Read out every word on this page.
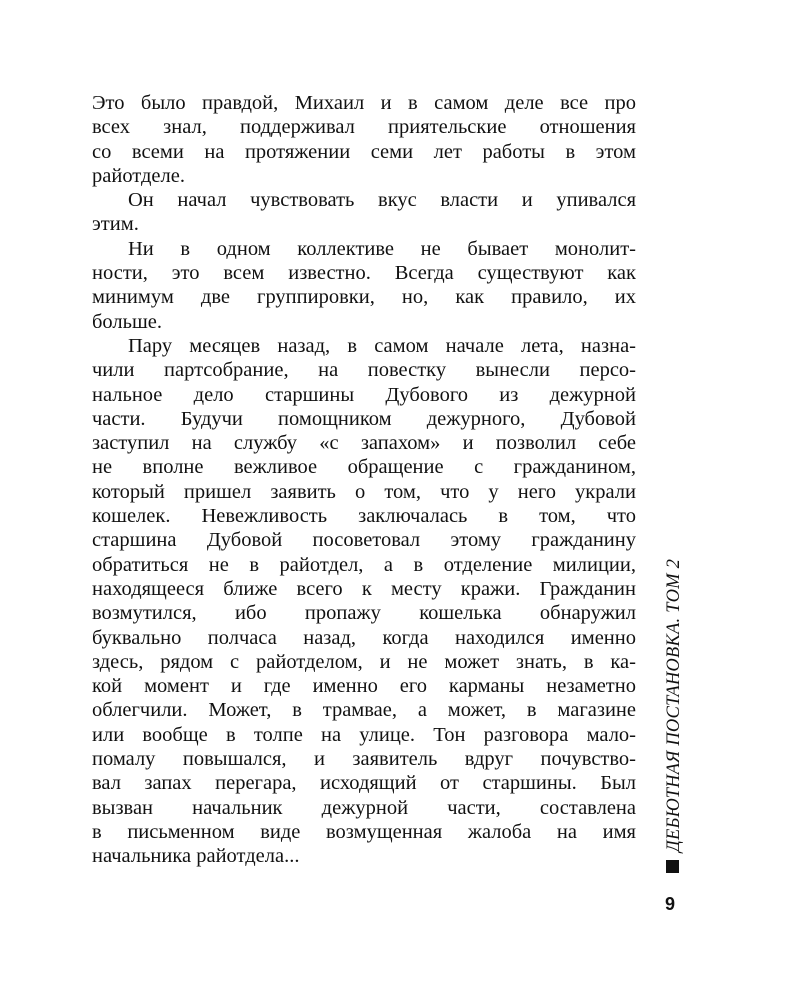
Это было правдой, Михаил и в самом деле все про
всех знал, поддерживал приятельские отношения
со всеми на протяжении семи лет работы в этом
райотделе.
Он начал чувствовать вкус власти и упивался
этим.
Ни в одном коллективе не бывает монолит-
ности, это всем известно. Всегда существуют как
минимум две группировки, но, как правило, их
больше.
Пару месяцев назад, в самом начале лета, назна-
чили партсобрание, на повестку вынесли персо-
нальное дело старшины Дубового из дежурной
части. Будучи помощником дежурного, Дубовой
заступил на службу «с запахом» и позволил себе
не вполне вежливое обращение с гражданином,
который пришел заявить о том, что у него украли
кошелек. Невежливость заключалась в том, что
старшина Дубовой посоветовал этому гражданину
обратиться не в райотдел, а в отделение милиции,
находящееся ближе всего к месту кражи. Гражданин
возмутился, ибо пропажу кошелька обнаружил
буквально полчаса назад, когда находился именно
здесь, рядом с райотделом, и не может знать, в ка-
кой момент и где именно его карманы незаметно
облегчили. Может, в трамвае, а может, в магазине
или вообще в толпе на улице. Тон разговора мало-
помалу повышался, и заявитель вдруг почувство-
вал запах перегара, исходящий от старшины. Был
вызван начальник дежурной части, составлена
в письменном виде возмущенная жалоба на имя
начальника райотдела...
ДЕБЮТНАЯ ПОСТАНОВКА. ТОМ 2
9
